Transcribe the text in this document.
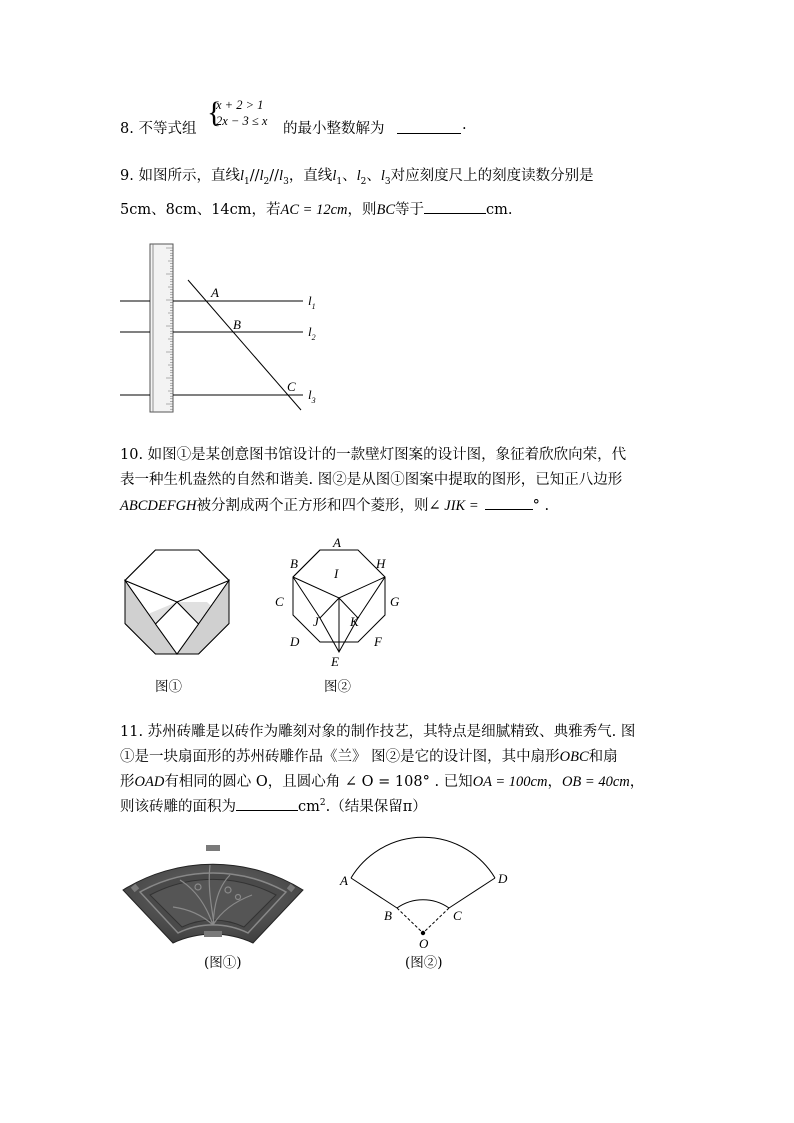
8. 不等式组 {
x + 2 > 1
2x − 3 ≤ x 的最小整数解为	.
9. 如图所示，直线$l_1//l_2//l_3$，直线$l_1$、$l_2$、$l_3$对应刻度尺上的刻度读数分别是
5cm、8cm、14cm，若AC = 12cm，则BC等于	cm.
A
B
C
$l_1$
$l_2$
$l_3$
10. 如图①是某创意图书馆设计的一款壁灯图案的设计图，象征着欣欣向荣，代
表一种生机盎然的自然和谐美. 图②是从图①图案中提取的图形，已知正八边形
ABCDEFGH被分割成两个正方形和四个菱形，则∠ JIK =	° .
图①
A
B
C
D
E
F
G
H
I
J K
图②
11. 苏州砖雕是以砖作为雕刻对象的制作技艺，其特点是细腻精致、典雅秀气. 图
①是一块扇面形的苏州砖雕作品《兰》 图②是它的设计图，其中扇形OBC和扇
形OAD有相同的圆心 O，且圆心角 ∠ O = 108° . 已知OA = 100cm，OB = 40cm，
则该砖雕的面积为	$cm^2$.（结果保留π）
(图①)
A
B	C
D
O
(图②)
